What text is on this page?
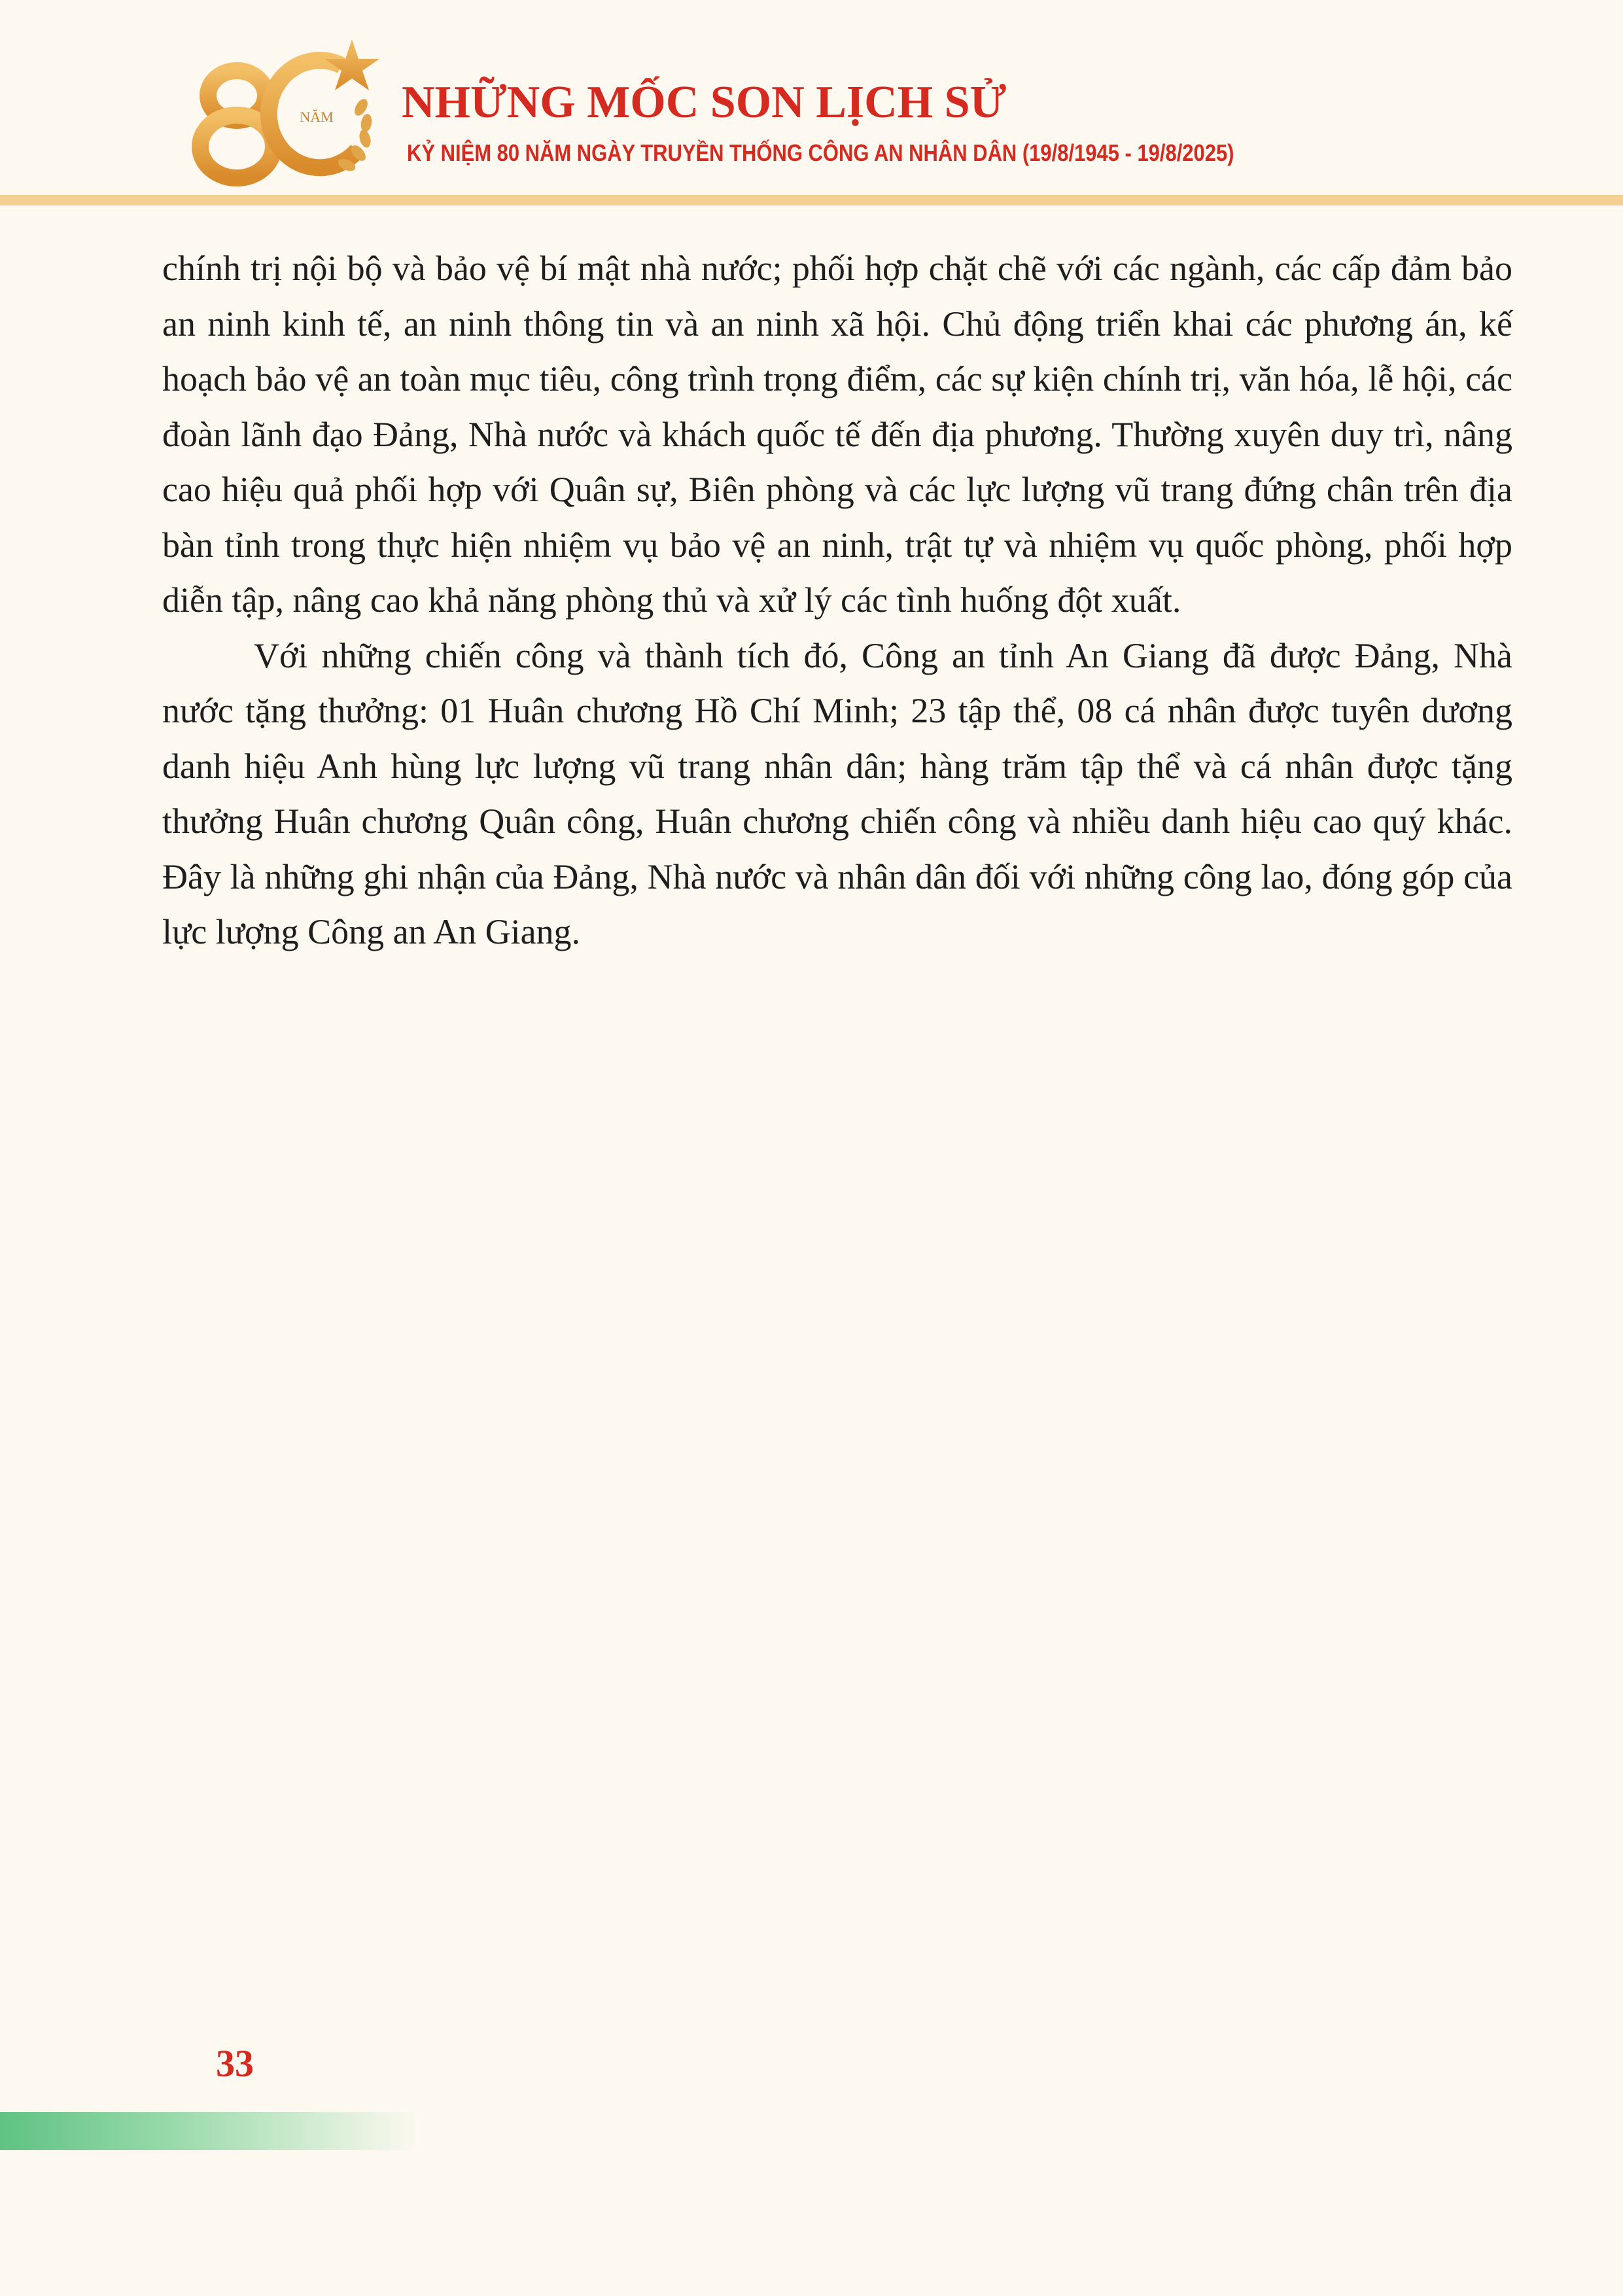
NĂM NHỮNG MỐC SON LỊCH SỬ
KỶ NIỆM 80 NĂM NGÀY TRUYỀN THỐNG CÔNG AN NHÂN DÂN (19/8/1945 - 19/8/2025)

chính trị nội bộ và bảo vệ bí mật nhà nước; phối hợp chặt chẽ với các ngành, các cấp đảm bảo an ninh kinh tế, an ninh thông tin và an ninh xã hội. Chủ động triển khai các phương án, kế hoạch bảo vệ an toàn mục tiêu, công trình trọng điểm, các sự kiện chính trị, văn hóa, lễ hội, các đoàn lãnh đạo Đảng, Nhà nước và khách quốc tế đến địa phương. Thường xuyên duy trì, nâng cao hiệu quả phối hợp với Quân sự, Biên phòng và các lực lượng vũ trang đứng chân trên địa bàn tỉnh trong thực hiện nhiệm vụ bảo vệ an ninh, trật tự và nhiệm vụ quốc phòng, phối hợp diễn tập, nâng cao khả năng phòng thủ và xử lý các tình huống đột xuất.

Với những chiến công và thành tích đó, Công an tỉnh An Giang đã được Đảng, Nhà nước tặng thưởng: 01 Huân chương Hồ Chí Minh; 23 tập thể, 08 cá nhân được tuyên dương danh hiệu Anh hùng lực lượng vũ trang nhân dân; hàng trăm tập thể và cá nhân được tặng thưởng Huân chương Quân công, Huân chương chiến công và nhiều danh hiệu cao quý khác. Đây là những ghi nhận của Đảng, Nhà nước và nhân dân đối với những công lao, đóng góp của lực lượng Công an An Giang.

33
